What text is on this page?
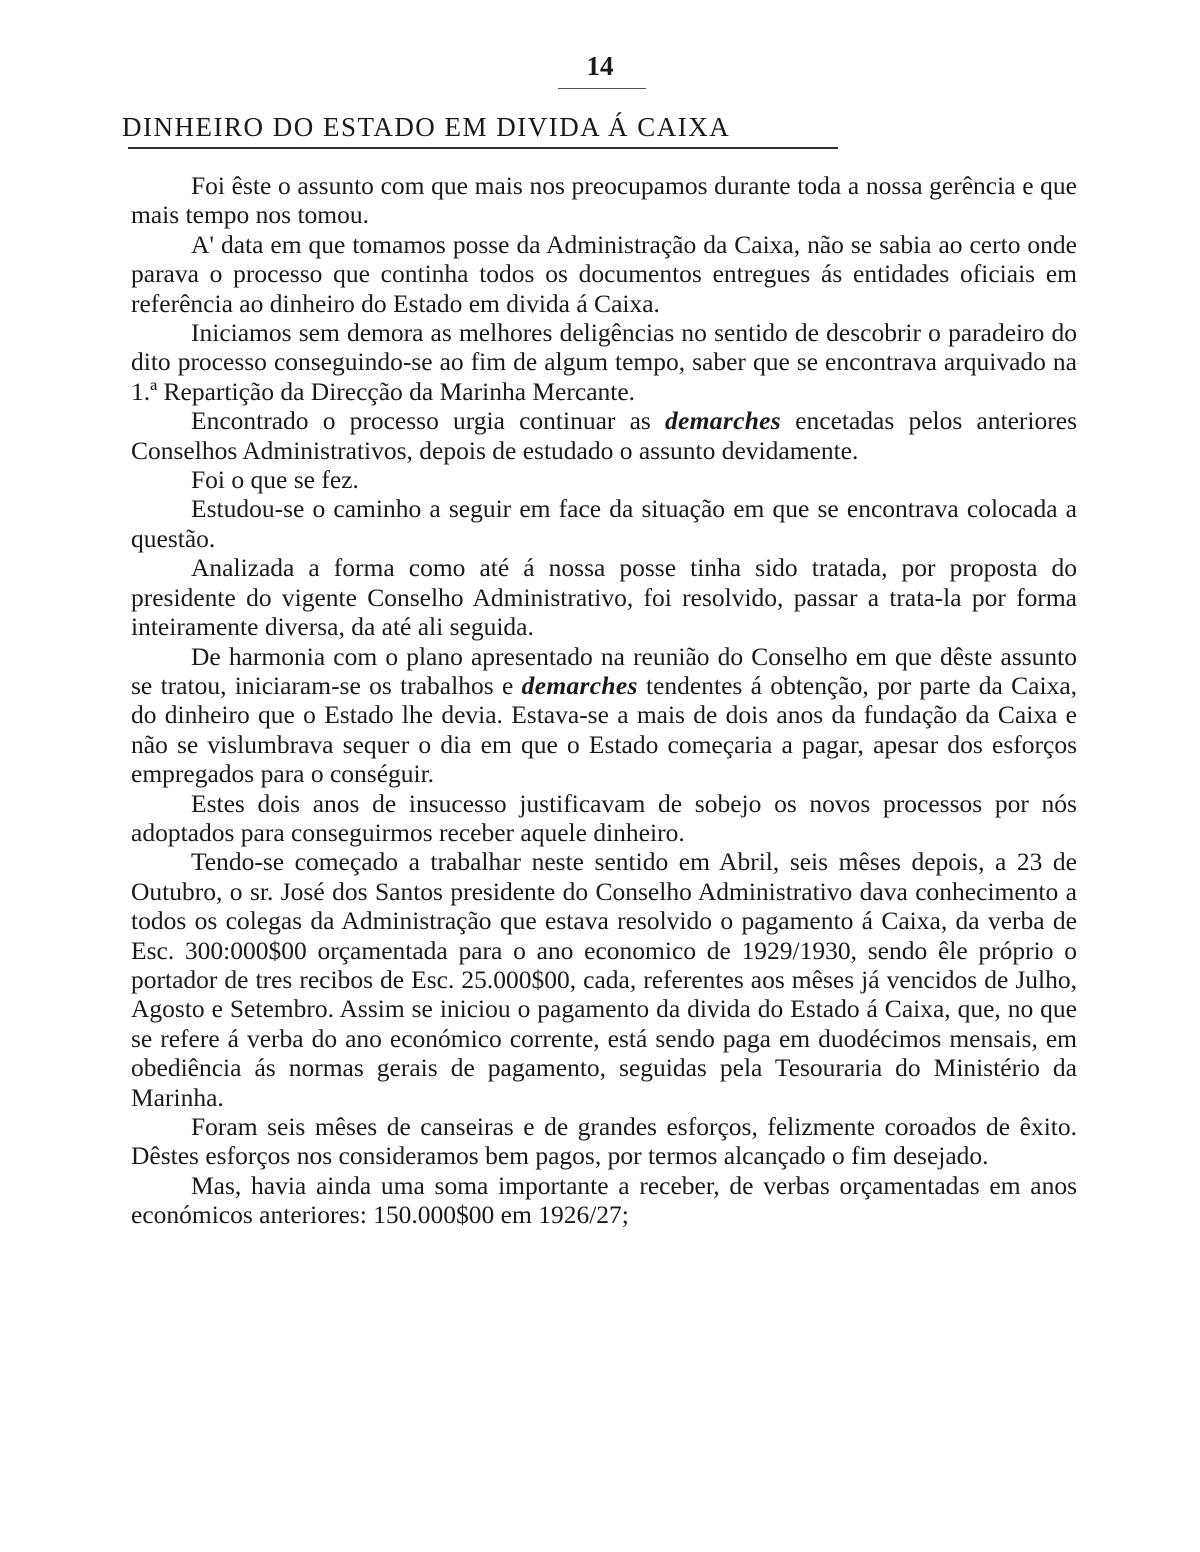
14
DINHEIRO DO ESTADO EM DIVIDA Á CAIXA

Foi êste o assunto com que mais nos preocupamos durante toda a nossa gerência e que mais tempo nos tomou.

A' data em que tomamos posse da Administração da Caixa, não se sabia ao certo onde parava o processo que continha todos os documentos entregues ás entidades oficiais em referência ao dinheiro do Estado em divida á Caixa.

Iniciamos sem demora as melhores deligências no sentido de descobrir o paradeiro do dito processo conseguindo-se ao fim de algum tempo, saber que se encontrava arquivado na 1.ª Repartição da Direcção da Marinha Mercante.

Encontrado o processo urgia continuar as demarches encetadas pelos anteriores Conselhos Administrativos, depois de estudado o assunto devidamente.

Foi o que se fez.

Estudou-se o caminho a seguir em face da situação em que se encontrava colocada a questão.

Analizada a forma como até á nossa posse tinha sido tratada, por proposta do presidente do vigente Conselho Administrativo, foi resolvido, passar a trata-la por forma inteiramente diversa, da até ali seguida.

De harmonia com o plano apresentado na reunião do Conselho em que dêste assunto se tratou, iniciaram-se os trabalhos e demarches tendentes á obtenção, por parte da Caixa, do dinheiro que o Estado lhe devia. Estava-se a mais de dois anos da fundação da Caixa e não se vislumbrava sequer o dia em que o Estado começaria a pagar, apesar dos esforços empregados para o conséguir.

Estes dois anos de insucesso justificavam de sobejo os novos processos por nós adoptados para conseguirmos receber aquele dinheiro.

Tendo-se começado a trabalhar neste sentido em Abril, seis mêses depois, a 23 de Outubro, o sr. José dos Santos presidente do Conselho Administrativo dava conhecimento a todos os colegas da Administração que estava resolvido o pagamento á Caixa, da verba de Esc. 300:000$00 orçamentada para o ano economico de 1929/1930, sendo êle próprio o portador de tres recibos de Esc. 25.000$00, cada, referentes aos mêses já vencidos de Julho, Agosto e Setembro. Assim se iniciou o pagamento da divida do Estado á Caixa, que, no que se refere á verba do ano económico corrente, está sendo paga em duodécimos mensais, em obediência ás normas gerais de pagamento, seguidas pela Tesouraria do Ministério da Marinha.

Foram seis mêses de canseiras e de grandes esforços, felizmente coroados de êxito. Dêstes esforços nos consideramos bem pagos, por termos alcançado o fim desejado.

Mas, havia ainda uma soma importante a receber, de verbas orçamentadas em anos económicos anteriores: 150.000$00 em 1926/27;
